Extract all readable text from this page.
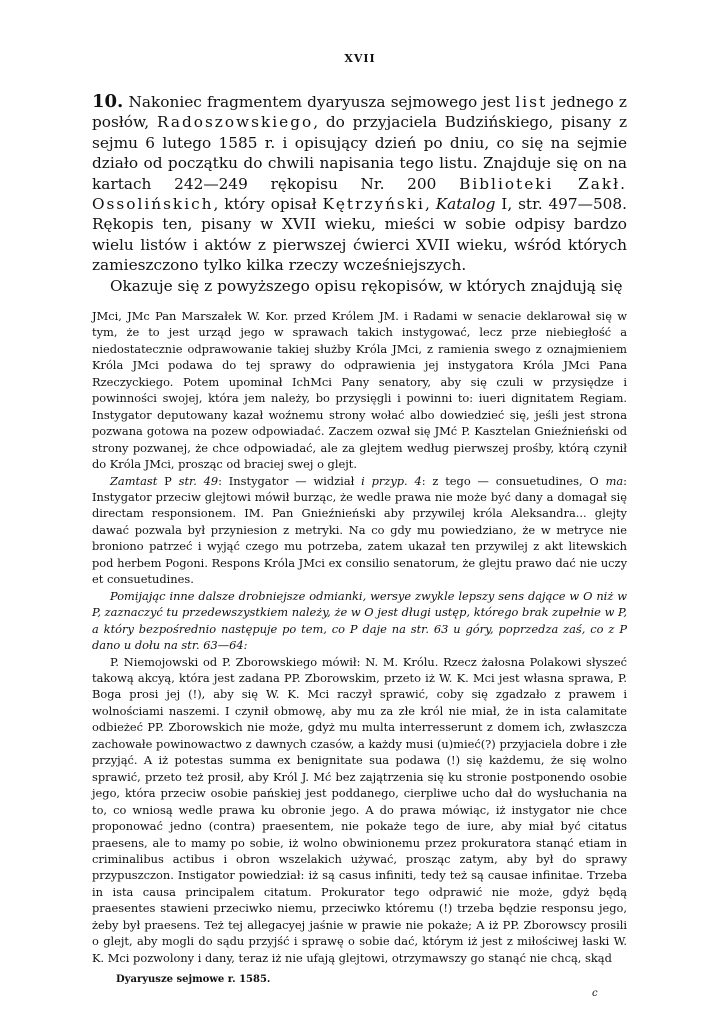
XVII

10. Nakoniec fragmentem dyaryusza sejmowego jest list jednego z posłów, Radoszowskiego, do przyjaciela Budzińskiego, pisany z sejmu 6 lutego 1585 r. i opisujący dzień po dniu, co się na sejmie działo od początku do chwili napisania tego listu. Znajduje się on na kartach 242—249 rękopisu Nr. 200 Biblioteki Zakł. Ossolińskich, który opisał Kętrzyński, Katalog I, str. 497—508. Rękopis ten, pisany w XVII wieku, mieści w sobie odpisy bardzo wielu listów i aktów z pierwszej ćwierci XVII wieku, wśród których zamieszczono tylko kilka rzeczy wcześniejszych.

Okazuje się z powyższego opisu rękopisów, w których znajdują się

JMci, JMc Pan Marszałek W. Kor. przed Królem JM. i Radami w senacie deklarował się w tym, że to jest urząd jego w sprawach takich instygować, lecz prze niebiegłość a niedostatecznie odprawowanie takiej służby Króla JMci, z ramienia swego z oznajmieniem Króla JMci podawa do tej sprawy do odprawienia jej instygatora Króla JMci Pana Rzeczyckiego. Potem upominał IchMci Pany senatory, aby się czuli w przysiędze i powinności swojej, która jem należy, bo przysięgli i powinni to: iueri dignitatem Regiam. Instygator deputowany kazał woźnemu strony wołać albo dowiedzieć się, jeśli jest strona pozwana gotowa na pozew odpowiadać. Zaczem ozwał się JMć P. Kasztelan Gnieźnieński od strony pozwanej, że chce odpowiadać, ale za glejtem według pierwszej prośby, którą czynił do Króla JMci, prosząc od braciej swej o glejt.

Zamtast P str. 49: Instygator — widział i przyp. 4: z tego — consuetudines, O ma: Instygator przeciw glejtowi mówił burząc, że wedle prawa nie może być dany a domagał się directam responsionem. IM. Pan Gnieźnieński aby przywilej króla Aleksandra... glejty dawać pozwala był przyniesion z metryki. Na co gdy mu powiedziano, że w metryce nie broniono patrzeć i wyjąć czego mu potrzeba, zatem ukazał ten przywilej z akt litewskich pod herbem Pogoni. Respons Króla JMci ex consilio senatorum, że glejtu prawo dać nie uczy et consuetudines.

Pomijając inne dalsze drobniejsze odmianki, wersye zwykle lepszy sens dające w O niż w P, zaznaczyć tu przedewszystkiem należy, że w O jest długi ustęp, którego brak zupełnie w P, a który bezpośrednio następuje po tem, co P daje na str. 63 u góry, poprzedza zaś, co z P dano u dołu na str. 63—64:

P. Niemojowski od P. Zborowskiego mówił: N. M. Królu. Rzecz żałosna Polakowi słyszeć takową akcyą, która jest zadana PP. Zborowskim, przeto iż W. K. Mci jest własna sprawa, P. Boga prosi jej (!), aby się W. K. Mci raczył sprawić, coby się zgadzało z prawem i wolnościami naszemi. I czynił obmowę, aby mu za złe król nie miał, że in ista calamitate odbieżeć PP. Zborowskich nie może, gdyż mu multa interresserunt z domem ich, zwłaszcza zachowałe powinowactwo z dawnych czasów, a każdy musi (u)mieć(?) przyjaciela dobre i złe przyjąć. A iż potestas summa ex benignitate sua podawa (!) się każdemu, że się wolno sprawić, przeto też prosił, aby Król J. Mć bez zajątrzenia się ku stronie postponendo osobie jego, która przeciw osobie pańskiej jest poddanego, cierpliwe ucho dał do wysłuchania na to, co wniosą wedle prawa ku obronie jego. A do prawa mówiąc, iż instygator nie chce proponować jedno (contra) praesentem, nie pokaże tego de iure, aby miał być citatus praesens, ale to mamy po sobie, iż wolno obwinionemu przez prokuratora stanąć etiam in criminalibus actibus i obron wszelakich używać, prosząc zatym, aby był do sprawy przypuszczon. Instigator powiedział: iż są casus infiniti, tedy też są causae infinitae. Trzeba in ista causa principalem citatum. Prokurator tego odprawić nie może, gdyż będą praesentes stawieni przeciwko niemu, przeciwko któremu (!) trzeba będzie responsu jego, żeby był praesens. Też tej allegacyej jaśnie w prawie nie pokaże; A iż PP. Zborowscy prosili o glejt, aby mogli do sądu przyjść i sprawę o sobie dać, którym iż jest z miłościwej łaski W. K. Mci pozwolony i dany, teraz iż nie ufają glejtowi, otrzymawszy go stanąć nie chcą, skąd

Dyaryusze sejmowe r. 1585.
c
